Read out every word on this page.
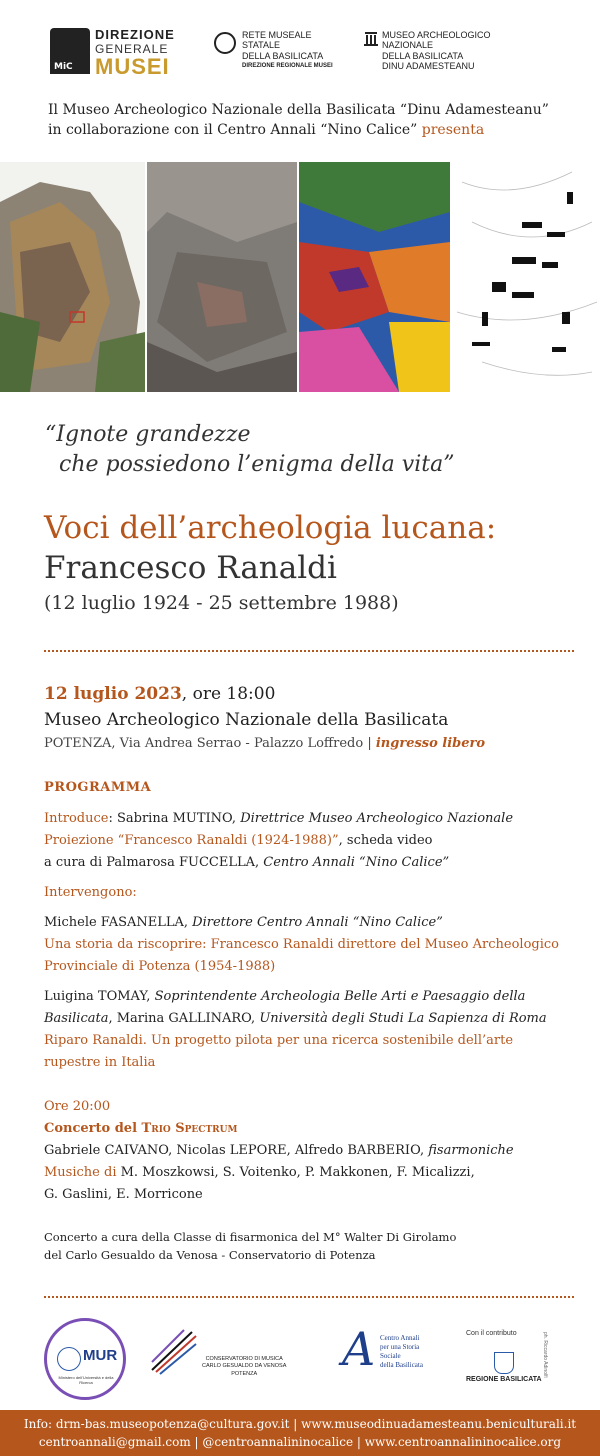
MiC
DIREZIONE
GENERALE
MUSEI
RETE MUSEALE
STATALE
DELLA BASILICATA
DIREZIONE REGIONALE MUSEI
MUSEO ARCHEOLOGICO
NAZIONALE
DELLA BASILICATA
DINU ADAMESTEANU
Il Museo Archeologico Nazionale della Basilicata “Dinu Adamesteanu”
in collaborazione con il Centro Annali “Nino Calice” presenta
“Ignote grandezze
che possiedono l’enigma della vita”
Voci dell’archeologia lucana:
Francesco Ranaldi
(12 luglio 1924 - 25 settembre 1988)
12 luglio 2023, ore 18:00
Museo Archeologico Nazionale della Basilicata
POTENZA, Via Andrea Serrao - Palazzo Loffredo | ingresso libero
PROGRAMMA
Introduce: Sabrina MUTINO, Direttrice Museo Archeologico Nazionale
Proiezione “Francesco Ranaldi (1924-1988)”, scheda video
a cura di Palmarosa FUCCELLA, Centro Annali “Nino Calice”
Intervengono:
Michele FASANELLA, Direttore Centro Annali “Nino Calice”
Una storia da riscoprire: Francesco Ranaldi direttore del Museo Archeologico
Provinciale di Potenza (1954-1988)
Luigina TOMAY, Soprintendente Archeologia Belle Arti e Paesaggio della
Basilicata, Marina GALLINARO, Università degli Studi La Sapienza di Roma
Riparo Ranaldi. Un progetto pilota per una ricerca sostenibile dell’arte
rupestre in Italia
Ore 20:00
Concerto del Trio Spectrum
Gabriele CAIVANO, Nicolas LEPORE, Alfredo BARBERIO, fisarmoniche
Musiche di M. Moszkowsi, S. Voitenko, P. Makkonen, F. Micalizzi,
G. Gaslini, E. Morricone
Concerto a cura della Classe di fisarmonica del M° Walter Di Girolamo
del Carlo Gesualdo da Venosa - Conservatorio di Potenza
MUR
Ministero dell'Università e della Ricerca
CONSERVATORIO DI MUSICA
CARLO GESUALDO DA VENOSA
POTENZA	A Centro Annali
per una Storia Sociale
della Basilicata
Con il contributo
REGIONE BASILICATA
ph. Riccardo Adinolfi
Info: drm-bas.museopotenza@cultura.gov.it | www.museodinuadamesteanu.beniculturali.it
centroannali@gmail.com | @centroannalininocalice | www.centroannalininocalice.org
